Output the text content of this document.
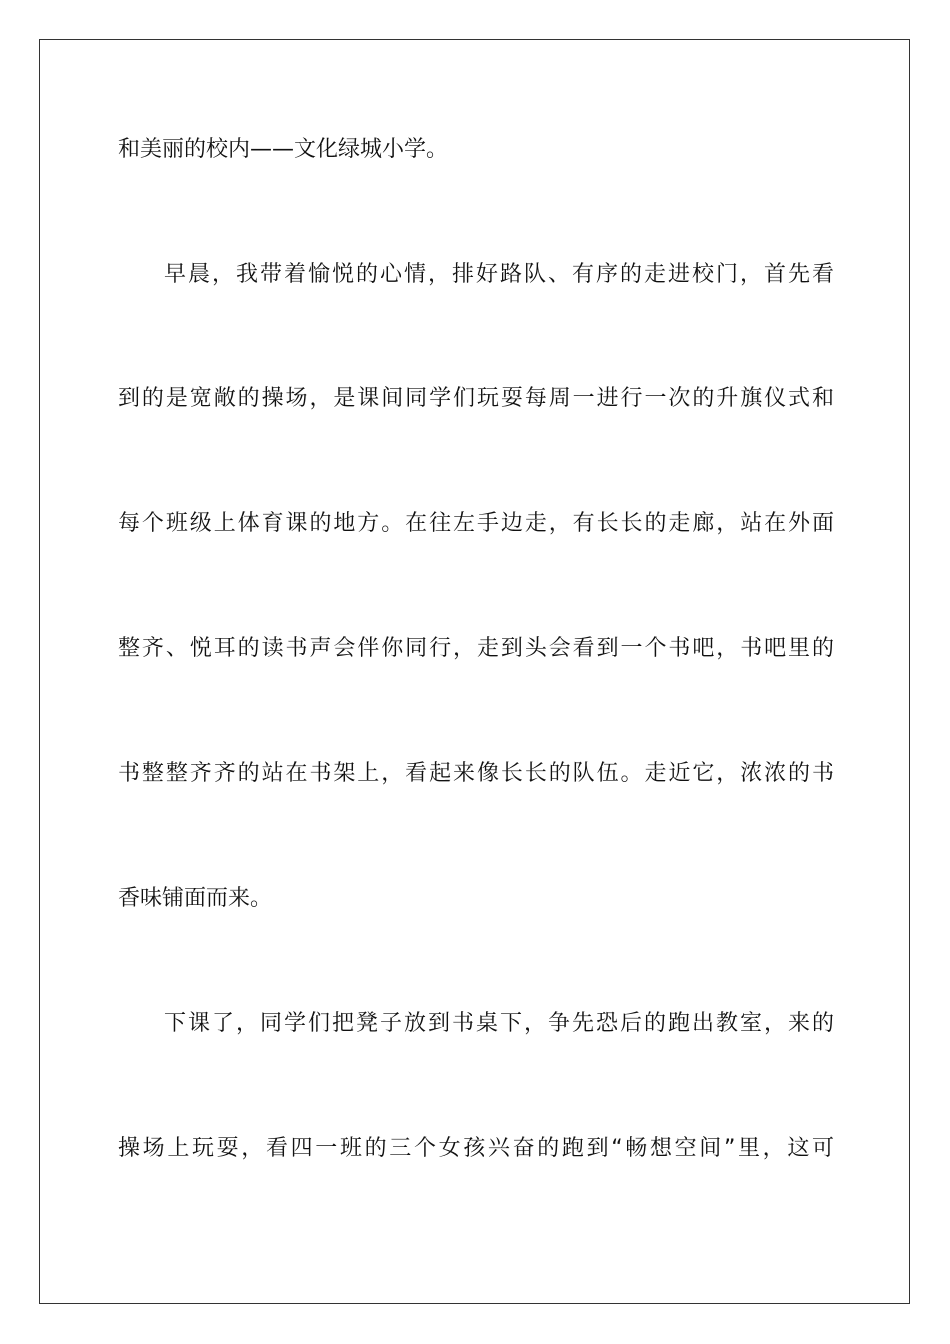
和美丽的校内——文化绿城小学。

早晨，我带着愉悦的心情，排好路队、有序的走进校门，首先看

到的是宽敞的操场，是课间同学们玩耍每周一进行一次的升旗仪式和

每个班级上体育课的地方。在往左手边走，有长长的走廊，站在外面

整齐、悦耳的读书声会伴你同行，走到头会看到一个书吧，书吧里的

书整整齐齐的站在书架上，看起来像长长的队伍。走近它，浓浓的书

香味铺面而来。

下课了，同学们把凳子放到书桌下，争先恐后的跑出教室，来的

操场上玩耍，看四一班的三个女孩兴奋的跑到“畅想空间”里，这可
